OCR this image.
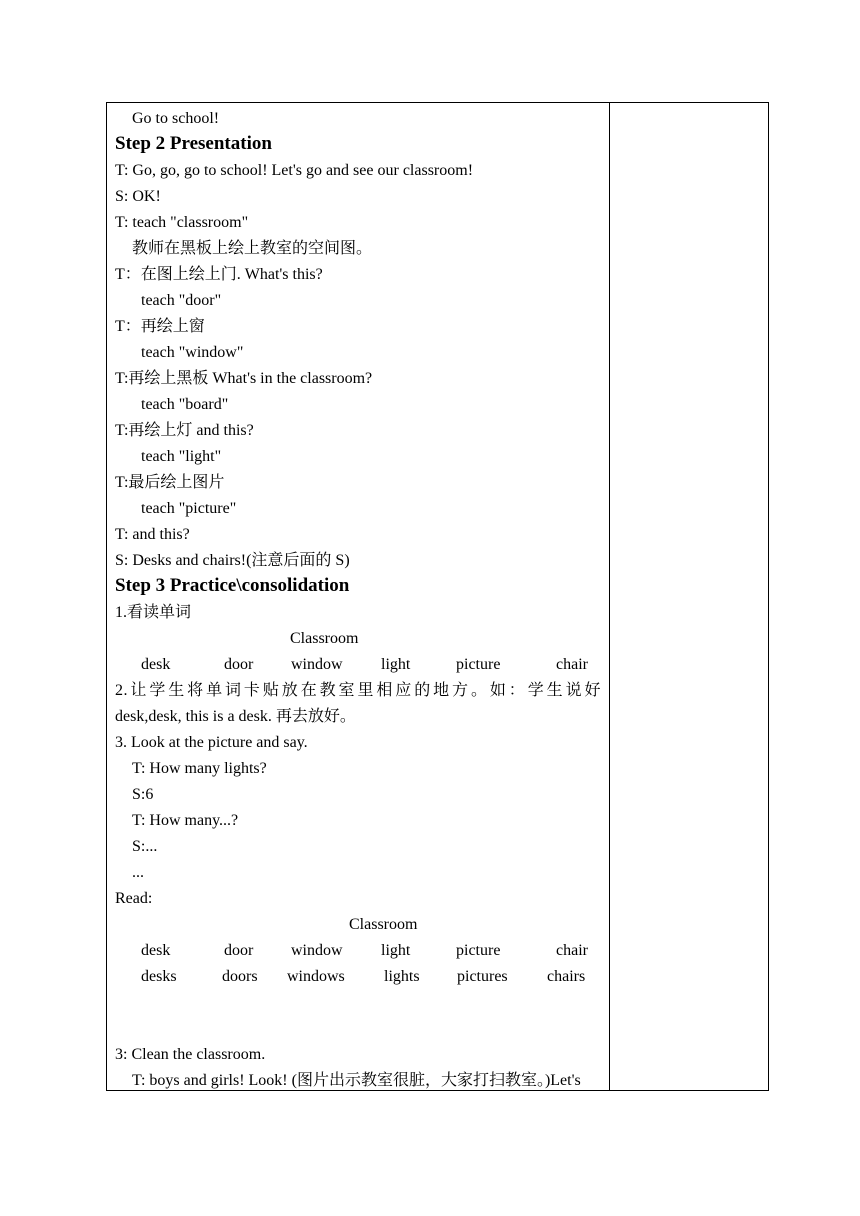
Go to school!
Step 2 Presentation
T: Go, go, go to school! Let's go and see our classroom!
S: OK!
T: teach "classroom"
教师在黑板上绘上教室的空间图。
T：在图上绘上门. What's this?
teach "door"
T：再绘上窗
teach "window"
T:再绘上黑板 What's in the classroom?
teach "board"
T:再绘上灯 and this?
teach "light"
T:最后绘上图片
teach "picture"
T: and this?
S: Desks and chairs!(注意后面的 S)
Step 3 Practice\consolidation
1.看读单词
Classroom
desk	door window light	picture	chair
2.让学生将单词卡贴放在教室里相应的地方。如：学生说好
desk,desk, this is a desk. 再去放好。
3. Look at the picture and say.
T: How many lights?
S:6
T: How many...?
S:...
...
Read:
Classroom
desk	door window light	picture	chair
desks	doors windows lights pictures chairs
3: Clean the classroom.
T: boys and girls! Look! (图片出示教室很脏，大家打扫教室。)Let's
